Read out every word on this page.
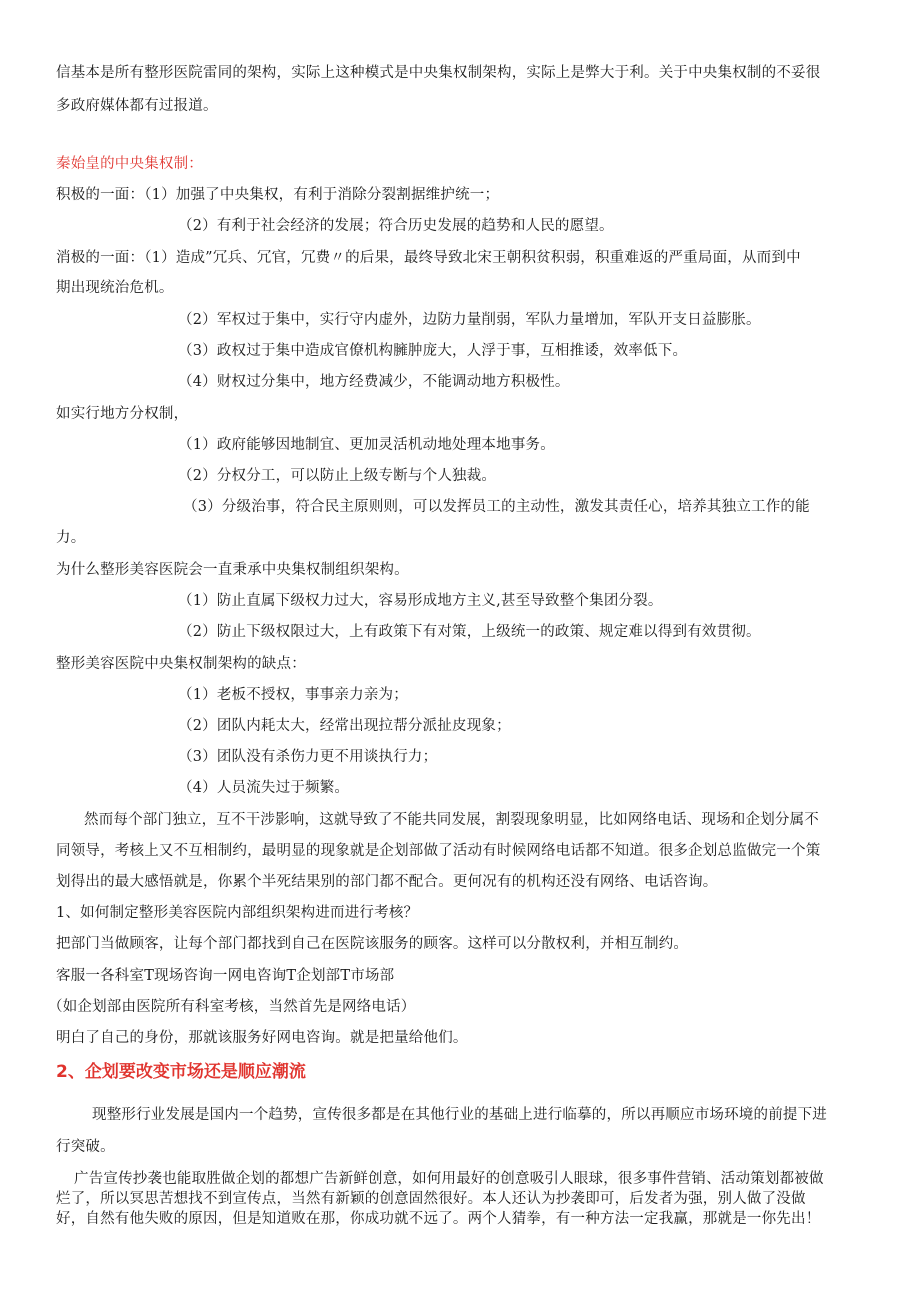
信基本是所有整形医院雷同的架构，实际上这种模式是中央集权制架构，实际上是弊大于利。关于中央集权制的不妥很
多政府媒体都有过报道。
秦始皇的中央集权制：
积极的一面：（1）加强了中央集权，有利于消除分裂割据维护统一；
（2）有利于社会经济的发展；符合历史发展的趋势和人民的愿望。
消极的一面：（1）造成”冗兵、冗官，冗费〃的后果，最终导致北宋王朝积贫积弱，积重难返的严重局面，从而到中
期出现统治危机。
（2）军权过于集中，实行守内虚外，边防力量削弱，军队力量增加，军队开支日益膨胀。
（3）政权过于集中造成官僚机构臃肿庞大，人浮于事，互相推诿，效率低下。
（4）财权过分集中，地方经费减少，不能调动地方积极性。
如实行地方分权制，
（1）政府能够因地制宜、更加灵活机动地处理本地事务。
（2）分权分工，可以防止上级专断与个人独裁。
（3）分级治事，符合民主原则则，可以发挥员工的主动性，激发其责任心，培养其独立工作的能
力。
为什么整形美容医院会一直秉承中央集权制组织架构。
（1）防止直属下级权力过大，容易形成地方主义,甚至导致整个集团分裂。
（2）防止下级权限过大，上有政策下有对策，上级统一的政策、规定难以得到有效贯彻。
整形美容医院中央集权制架构的缺点：
（1）老板不授权，事事亲力亲为；
（2）团队内耗太大，经常出现拉帮分派扯皮现象；
（3）团队没有杀伤力更不用谈执行力；
（4）人员流失过于频繁。
然而每个部门独立，互不干涉影响，这就导致了不能共同发展，割裂现象明显，比如网络电话、现场和企划分属不
同领导，考核上又不互相制约，最明显的现象就是企划部做了活动有时候网络电话都不知道。很多企划总监做完一个策
划得出的最大感悟就是，你累个半死结果别的部门都不配合。更何况有的机构还没有网络、电话咨询。
1、如何制定整形美容医院内部组织架构进而进行考核？
把部门当做顾客，让每个部门都找到自己在医院该服务的顾客。这样可以分散权利，并相互制约。
客服一各科室T现场咨询一网电咨询T企划部T市场部
（如企划部由医院所有科室考核，当然首先是网络电话）
明白了自己的身份，那就该服务好网电咨询。就是把量给他们。
2、企划要改变市场还是顺应潮流
现整形行业发展是国内一个趋势，宣传很多都是在其他行业的基础上进行临摹的，所以再顺应市场环境的前提下进
行突破。
广告宣传抄袭也能取胜做企划的都想广告新鲜创意，如何用最好的创意吸引人眼球，很多事件营销、活动策划都被做
烂了，所以冥思苦想找不到宣传点，当然有新颖的创意固然很好。本人还认为抄袭即可，后发者为强，别人做了没做
好，自然有他失败的原因，但是知道败在那，你成功就不远了。两个人猜拳，有一种方法一定我赢，那就是一你先出！
